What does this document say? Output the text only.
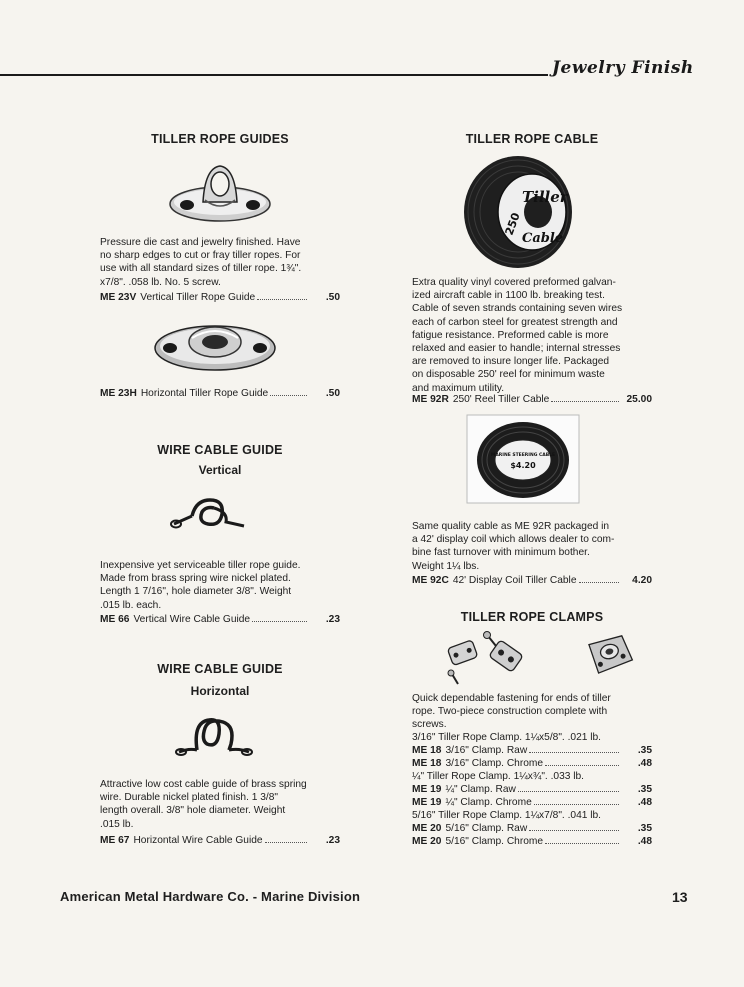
Jewelry Finish
TILLER ROPE GUIDES
Pressure die cast and jewelry finished. Have
no sharp edges to cut or fray tiller ropes. For
use with all standard sizes of tiller rope. 1¾".
x7/8". .058 lb. No. 5 screw.
ME 23V Vertical Tiller Rope Guide	.50
ME 23H Horizontal Tiller Rope Guide	.50
WIRE CABLE GUIDE
Vertical
Inexpensive yet serviceable tiller rope guide.
Made from brass spring wire nickel plated.
Length 1 7/16", hole diameter 3/8". Weight
.015 lb. each.
ME 66 Vertical Wire Cable Guide	.23
WIRE CABLE GUIDE
Horizontal
Attractive low cost cable guide of brass spring
wire. Durable nickel plated finish. 1 3/8"
length overall. 3/8" hole diameter. Weight
.015 lb.
ME 67 Horizontal Wire Cable Guide	.23
TILLER ROPE CABLE
250
Tiller
Cable
Extra quality vinyl covered preformed galvan-
ized aircraft cable in 1100 lb. breaking test.
Cable of seven strands containing seven wires
each of carbon steel for greatest strength and
fatigue resistance. Preformed cable is more
relaxed and easier to handle; internal stresses
are removed to insure longer life. Packaged
on disposable 250' reel for minimum waste
and maximum utility.
ME 92R 250' Reel Tiller Cable	25.00
MARINE STEERING CABLE
$4.20
Same quality cable as ME 92R packaged in
a 42' display coil which allows dealer to com-
bine fast turnover with minimum bother.
Weight 1¼ lbs.
ME 92C 42' Display Coil Tiller Cable	4.20
TILLER ROPE CLAMPS
Quick dependable fastening for ends of tiller
rope. Two-piece construction complete with
screws.
3/16" Tiller Rope Clamp. 1¼x5/8". .021 lb.
ME 18 3/16" Clamp. Raw	.35
ME 18 3/16" Clamp. Chrome	.48
¼" Tiller Rope Clamp. 1¼x¾". .033 lb.
ME 19 ¼" Clamp. Raw	.35
ME 19 ¼" Clamp. Chrome	.48
5/16" Tiller Rope Clamp. 1¼x7/8". .041 lb.
ME 20 5/16" Clamp. Raw	.35
ME 20 5/16" Clamp. Chrome	.48
American Metal Hardware Co. - Marine Division	13
